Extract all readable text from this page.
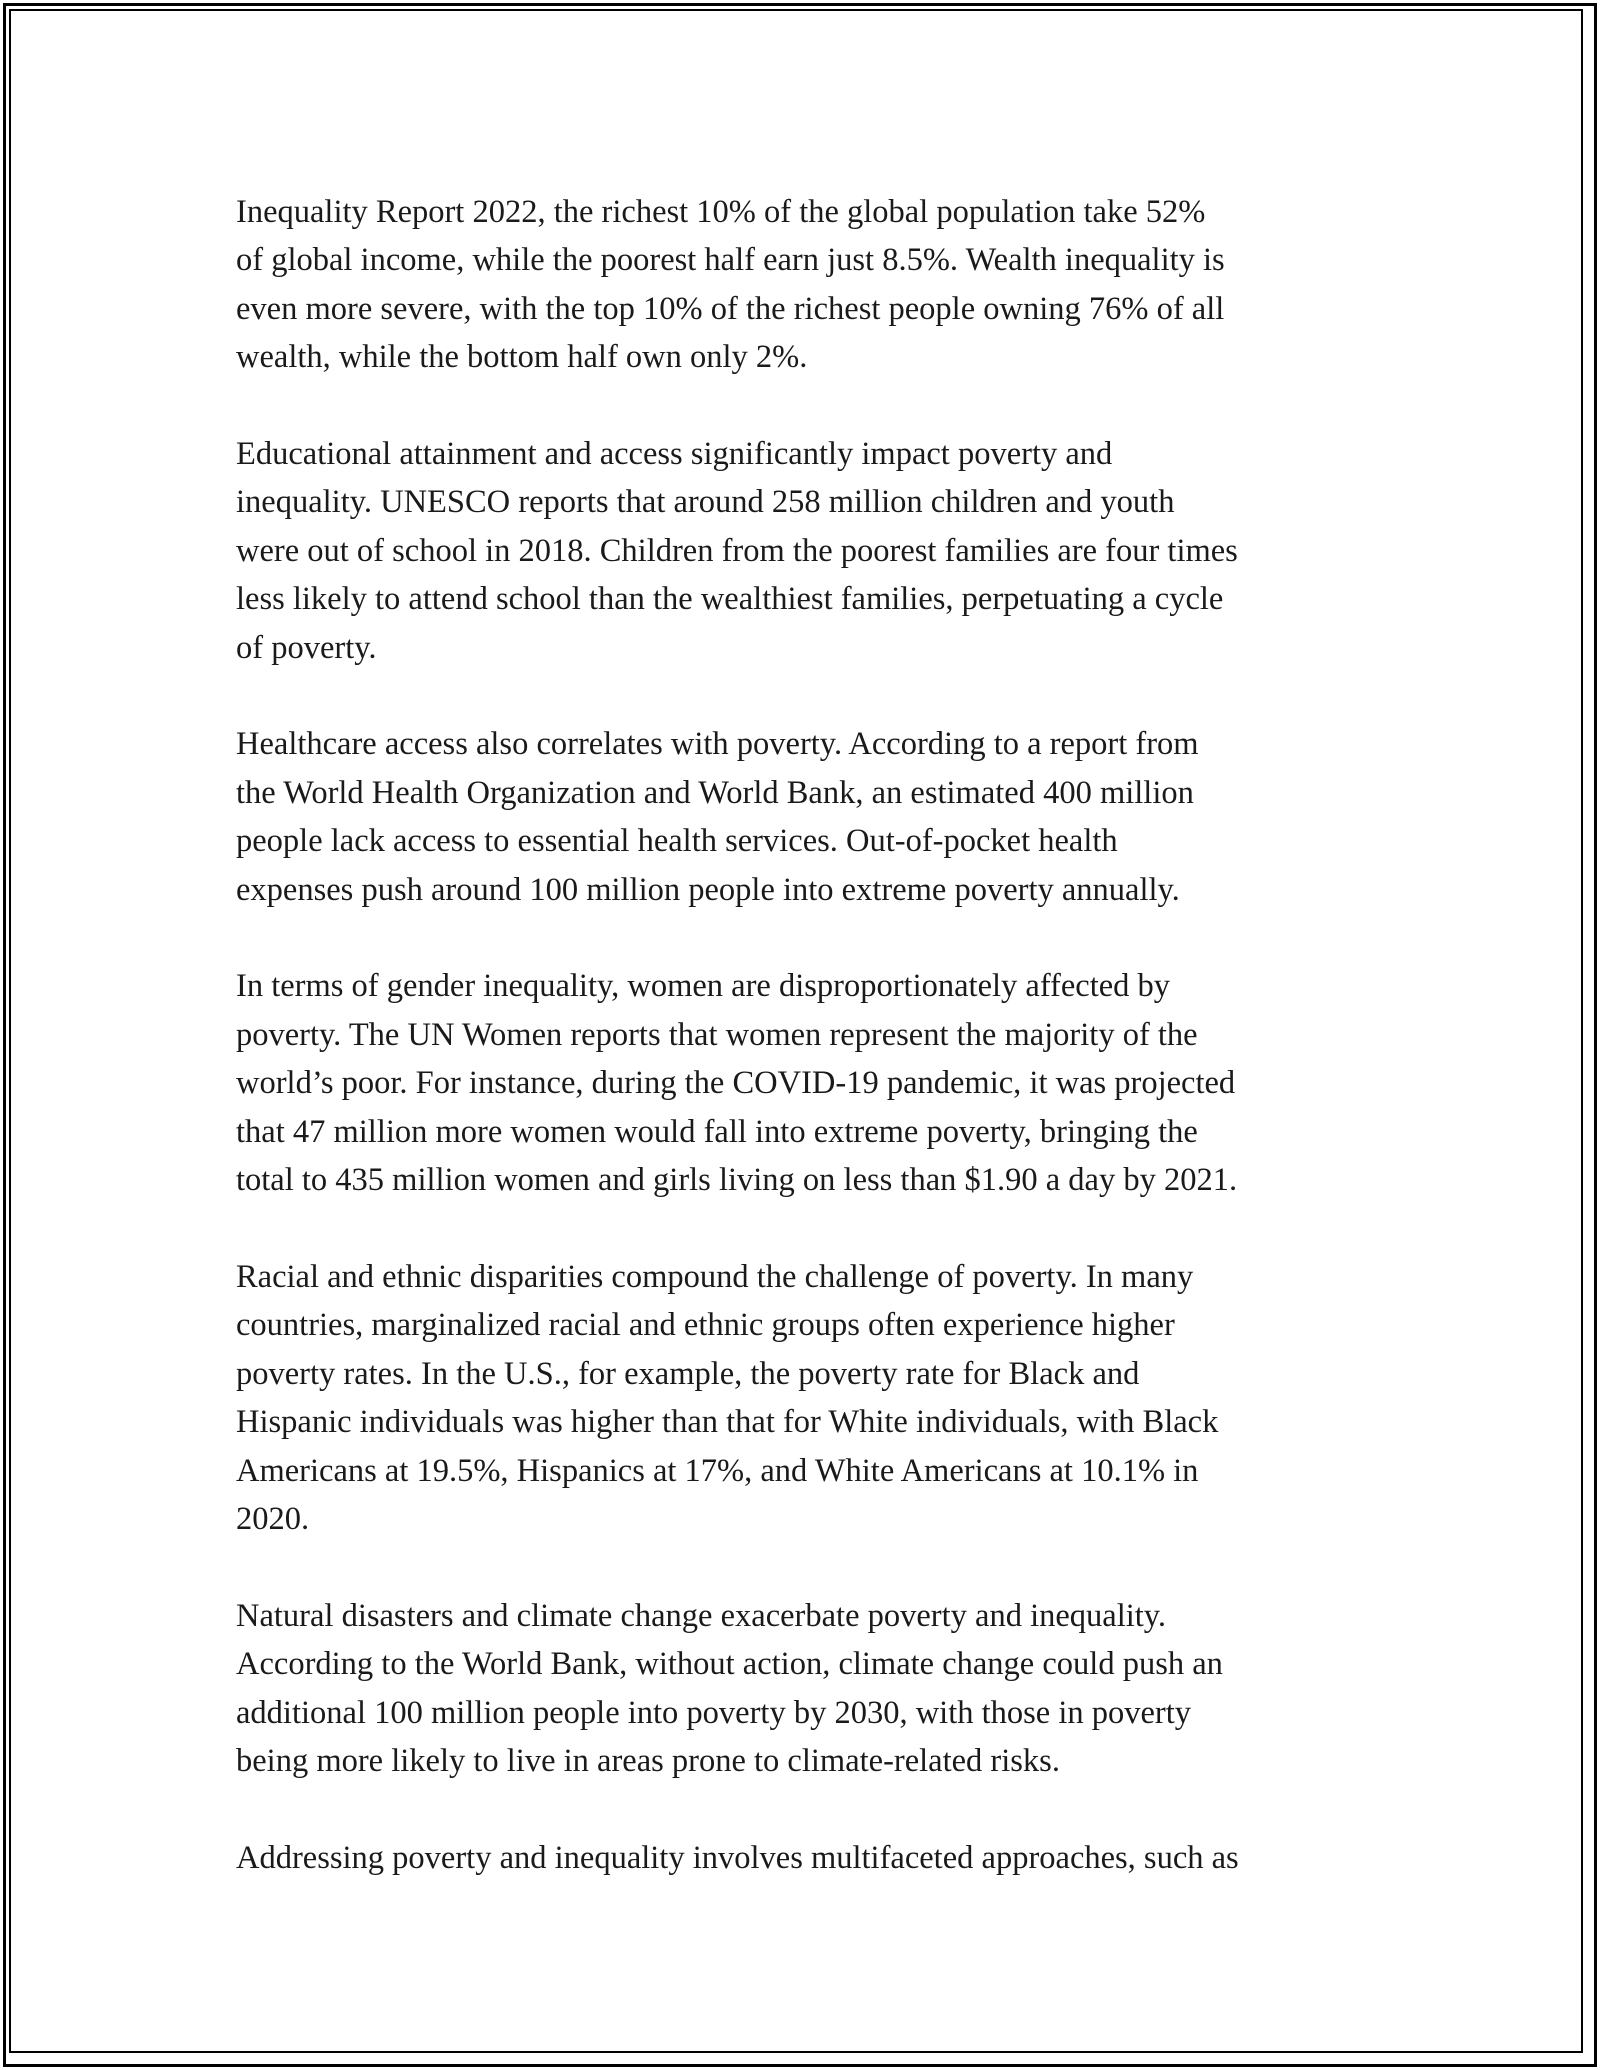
Inequality Report 2022, the richest 10% of the global population take 52%
of global income, while the poorest half earn just 8.5%. Wealth inequality is
even more severe, with the top 10% of the richest people owning 76% of all
wealth, while the bottom half own only 2%.

Educational attainment and access significantly impact poverty and
inequality. UNESCO reports that around 258 million children and youth
were out of school in 2018. Children from the poorest families are four times
less likely to attend school than the wealthiest families, perpetuating a cycle
of poverty.

Healthcare access also correlates with poverty. According to a report from
the World Health Organization and World Bank, an estimated 400 million
people lack access to essential health services. Out-of-pocket health
expenses push around 100 million people into extreme poverty annually.

In terms of gender inequality, women are disproportionately affected by
poverty. The UN Women reports that women represent the majority of the
world’s poor. For instance, during the COVID-19 pandemic, it was projected
that 47 million more women would fall into extreme poverty, bringing the
total to 435 million women and girls living on less than $1.90 a day by 2021.

Racial and ethnic disparities compound the challenge of poverty. In many
countries, marginalized racial and ethnic groups often experience higher
poverty rates. In the U.S., for example, the poverty rate for Black and
Hispanic individuals was higher than that for White individuals, with Black
Americans at 19.5%, Hispanics at 17%, and White Americans at 10.1% in
2020.

Natural disasters and climate change exacerbate poverty and inequality.
According to the World Bank, without action, climate change could push an
additional 100 million people into poverty by 2030, with those in poverty
being more likely to live in areas prone to climate-related risks.

Addressing poverty and inequality involves multifaceted approaches, such as
